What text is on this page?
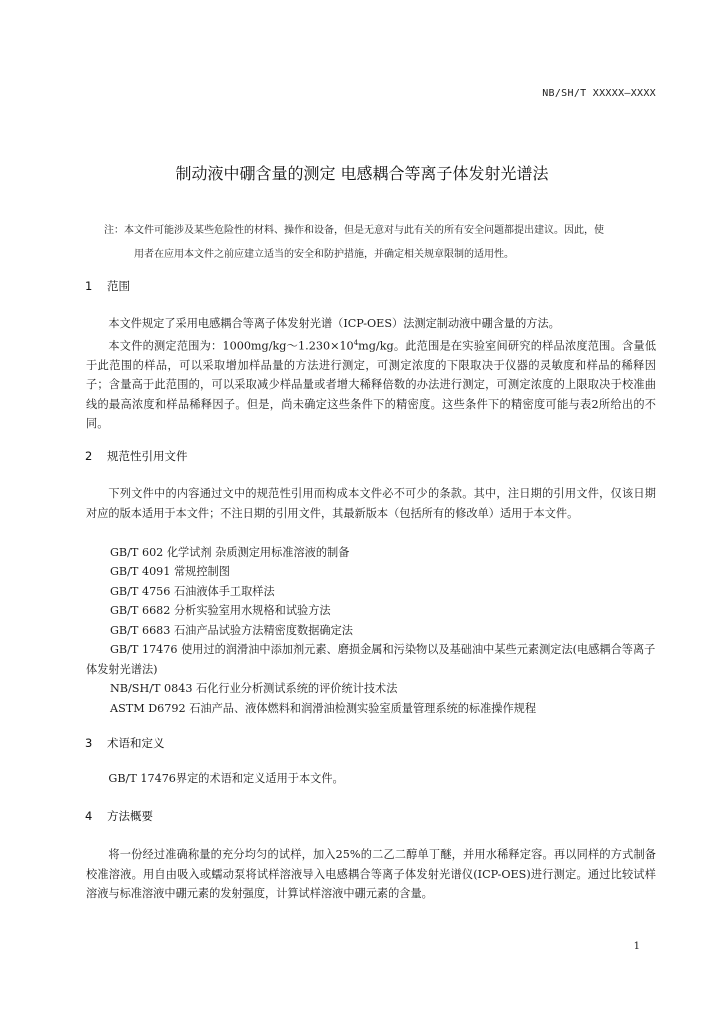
NB/SH/T XXXXX—XXXX
制动液中硼含量的测定 电感耦合等离子体发射光谱法
注：本文件可能涉及某些危险性的材料、操作和设备，但是无意对与此有关的所有安全问题都提出建议。因此，使
用者在应用本文件之前应建立适当的安全和防护措施，并确定相关规章限制的适用性。
1 范围

本文件规定了采用电感耦合等离子体发射光谱（ICP-OES）法测定制动液中硼含量的方法。

本文件的测定范围为：$1000mg/kg\sim 1.230\times 10^4mg/kg$。此范围是在实验室间研究的样品浓度范围。含量低于此范围的样品，可以采取增加样品量的方法进行测定，可测定浓度的下限取决于仪器的灵敏度和样品的稀释因子；含量高于此范围的，可以采取减少样品量或者增大稀释倍数的办法进行测定，可测定浓度的上限取决于校准曲线的最高浓度和样品稀释因子。但是，尚未确定这些条件下的精密度。这些条件下的精密度可能与表2所给出的不同。

2 规范性引用文件

下列文件中的内容通过文中的规范性引用而构成本文件必不可少的条款。其中，注日期的引用文件，仅该日期对应的版本适用于本文件；不注日期的引用文件，其最新版本（包括所有的修改单）适用于本文件。

GB/T 602 化学试剂 杂质测定用标准溶液的制备
GB/T 4091 常规控制图
GB/T 4756 石油液体手工取样法
GB/T 6682 分析实验室用水规格和试验方法
GB/T 6683 石油产品试验方法精密度数据确定法
GB/T 17476 使用过的润滑油中添加剂元素、磨损金属和污染物以及基础油中某些元素测定法(电感耦合等离子体发射光谱法)
NB/SH/T 0843 石化行业分析测试系统的评价统计技术法
ASTM D6792 石油产品、液体燃料和润滑油检测实验室质量管理系统的标准操作规程
3 术语和定义

GB/T 17476界定的术语和定义适用于本文件。

4 方法概要

将一份经过准确称量的充分均匀的试样，加入25%的二乙二醇单丁醚，并用水稀释定容。再以同样的方式制备校准溶液。用自由吸入或蠕动泵将试样溶液导入电感耦合等离子体发射光谱仪(ICP-OES)进行测定。通过比较试样溶液与标准溶液中硼元素的发射强度，计算试样溶液中硼元素的含量。

1
